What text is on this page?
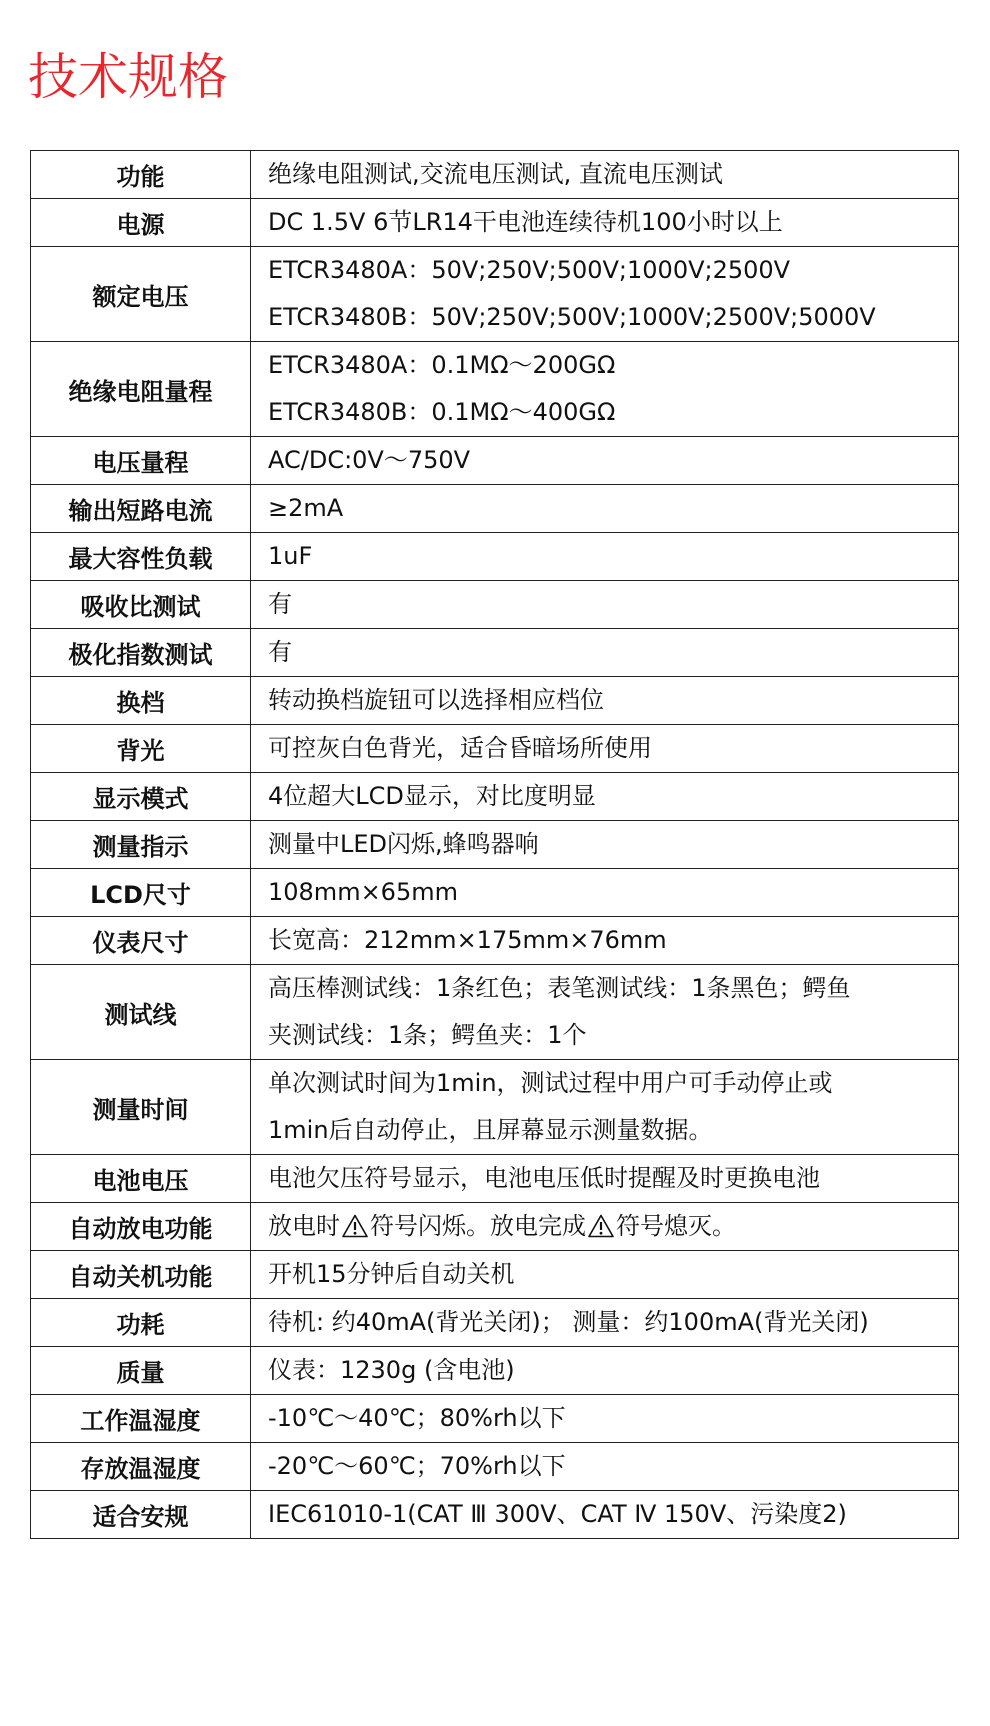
技术规格
功能	绝缘电阻测试,交流电压测试, 直流电压测试

电源	DC 1.5V 6节LR14干电池连续待机100小时以上

额定电压	ETCR3480A：50V;250V;500V;1000V;2500V
ETCR3480B：50V;250V;500V;1000V;2500V;5000V

绝缘电阻量程	ETCR3480A：0.1MΩ～200GΩ
ETCR3480B：0.1MΩ～400GΩ

电压量程	AC/DC:0V～750V

输出短路电流	≥2mA

最大容性负载	1uF

吸收比测试	有

极化指数测试	有

换档	转动换档旋钮可以选择相应档位

背光	可控灰白色背光，适合昏暗场所使用

显示模式	4位超大LCD显示，对比度明显

测量指示	测量中LED闪烁,蜂鸣器响

LCD尺寸	108mm×65mm

仪表尺寸	长宽高：212mm×175mm×76mm

测试线	高压棒测试线：1条红色；表笔测试线：1条黑色；鳄鱼
夹测试线：1条；鳄鱼夹：1个

测量时间	单次测试时间为1min，测试过程中用户可手动停止或
1min后自动停止，且屏幕显示测量数据。

电池电压	电池欠压符号显示，电池电压低时提醒及时更换电池

自动放电功能	放电时 符号闪烁。放电完成 符号熄灭。

自动关机功能	开机15分钟后自动关机

功耗	待机: 约40mA(背光关闭)； 测量：约100mA(背光关闭)

质量	仪表：1230g (含电池)

工作温湿度	-10℃～40℃；80%rh以下

存放温湿度	-20℃～60℃；70%rh以下

适合安规	IEC61010-1(CAT Ⅲ 300V、CAT Ⅳ 150V、污染度2)
